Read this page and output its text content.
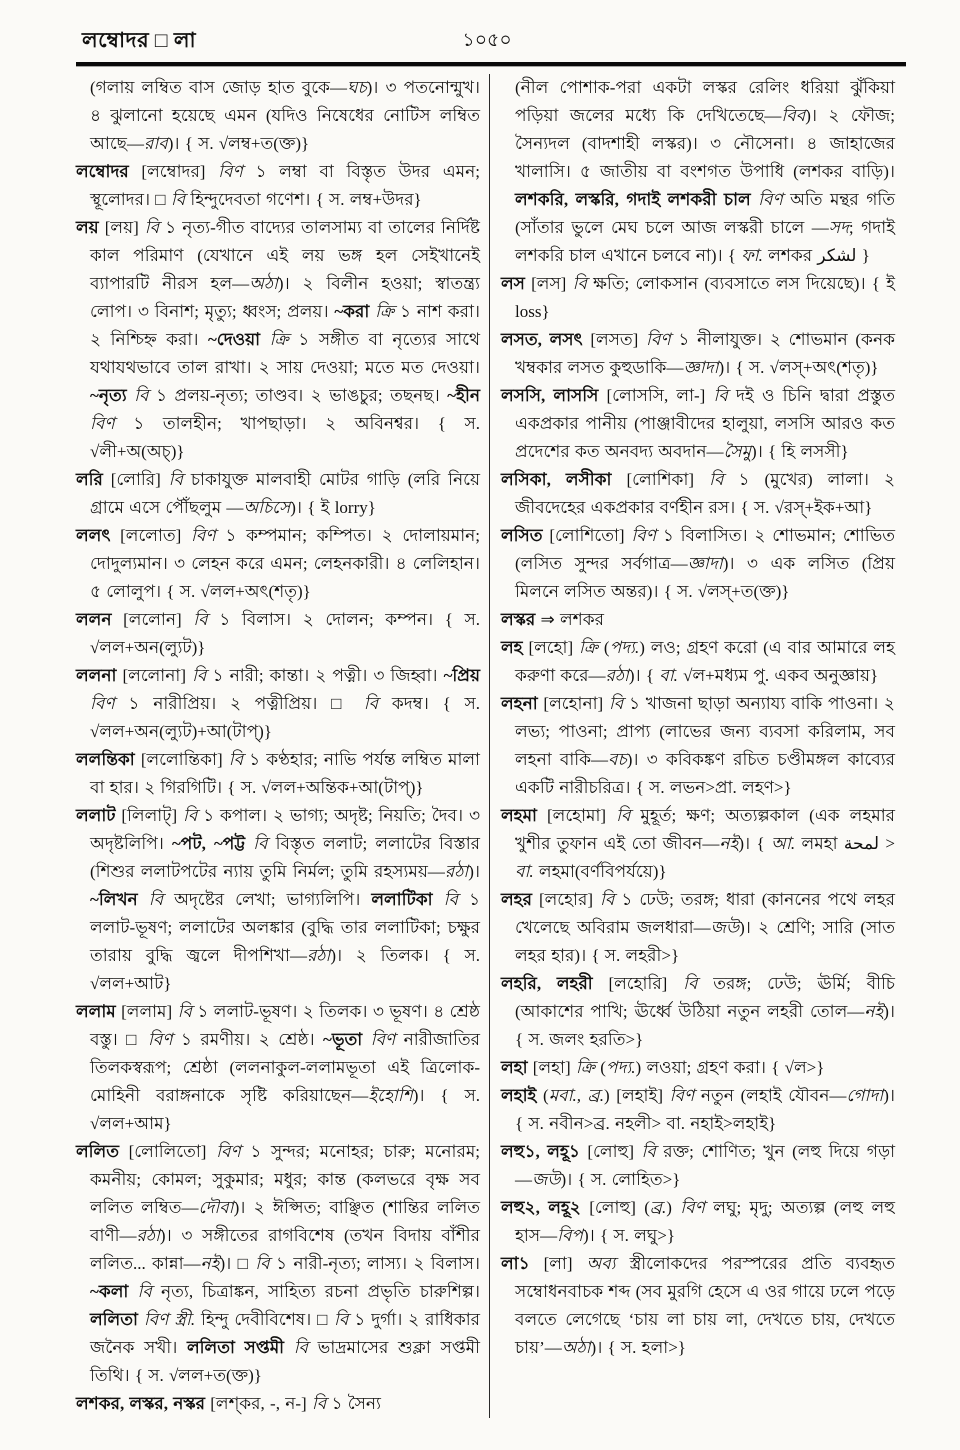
লম্বোদর □ লা	১০৫০

(গলায় লম্বিত বাস জোড় হাত বুকে—ঘচ)। ৩ পতনোন্মুখ। ৪ ঝুলানো হয়েছে এমন (যদিও নিষেধের নোটিস লম্বিত আছে—রাব)। { স. √লম্ব+ত(ক্ত)}

লম্বোদর [লম্বোদর] বিণ ১ লম্বা বা বিস্তৃত উদর এমন; স্থূলোদর। □ বি হিন্দুদেবতা গণেশ। { স. লম্ব+উদর}

লয় [লয়] বি ১ নৃত্য-গীত বাদ্যের তালসাম্য বা তালের নির্দিষ্ট কাল পরিমাণ (যেখানে এই লয় ভঙ্গ হল সেইখানেই ব্যাপারটি নীরস হল—অঠা)। ২ বিলীন হওয়া; স্বাতন্ত্র্য লোপ। ৩ বিনাশ; মৃত্যু; ধ্বংস; প্রলয়। ~করা ক্রি ১ নাশ করা। ২ নিশ্চিহ্ন করা। ~দেওয়া ক্রি ১ সঙ্গীত বা নৃত্যের সাথে যথাযথভাবে তাল রাখা। ২ সায় দেওয়া; মতে মত দেওয়া। ~নৃত্য বি ১ প্রলয়-নৃত্য; তাণ্ডব। ২ ভাঙচুর; তছনছ। ~হীন বিণ ১ তালহীন; খাপছাড়া। ২ অবিনশ্বর। { স. √লী+অ(অচ্)}

লরি [লোরি] বি চাকাযুক্ত মালবাহী মোটর গাড়ি (লরি নিয়ে গ্রামে এসে পৌঁছলুম —অচিসে)। { ই lorry}

ললৎ [ললোত] বিণ ১ কম্পমান; কম্পিত। ২ দোলায়মান; দোদুল্যমান। ৩ লেহন করে এমন; লেহনকারী। ৪ লেলিহান। ৫ লোলুপ। { স. √লল+অৎ(শতৃ)}

ললন [ললোন] বি ১ বিলাস। ২ দোলন; কম্পন। { স. √লল+অন(ল্যুট)}

ললনা [ললোনা] বি ১ নারী; কান্তা। ২ পত্নী। ৩ জিহ্বা। ~প্রিয় বিণ ১ নারীপ্রিয়। ২ পত্নীপ্রিয়। □ বি কদম্ব। { স. √লল+অন(ল্যুট)+আ(টাপ্)}

ললন্তিকা [ললোন্তিকা] বি ১ কণ্ঠহার; নাভি পর্যন্ত লম্বিত মালা বা হার। ২ গিরগিটি। { স. √লল+অন্তিক+আ(টাপ্)}

ললাট [লিলাট্] বি ১ কপাল। ২ ভাগ্য; অদৃষ্ট; নিয়তি; দৈব। ৩ অদৃষ্টলিপি। ~পট, ~পট্ট বি বিস্তৃত ললাট; ললাটের বিস্তার (শিশুর ললাটপটের ন্যায় তুমি নির্মল; তুমি রহস্যময়—রঠা)। ~লিখন বি অদৃষ্টের লেখা; ভাগ্যলিপি। ললাটিকা বি ১ ললাট-ভূষণ; ললাটের অলঙ্কার (বুদ্ধি তার ললাটিকা; চক্ষুর তারায় বুদ্ধি জ্বলে দীপশিখা—রঠা)। ২ তিলক। { স. √লল+আট}

ললাম [ললাম] বি ১ ললাট-ভূষণ। ২ তিলক। ৩ ভূষণ। ৪ শ্রেষ্ঠ বস্তু। □ বিণ ১ রমণীয়। ২ শ্রেষ্ঠ। ~ভূতা বিণ নারীজাতির তিলকস্বরূপ; শ্রেষ্ঠা (ললনাকুল-ললামভূতা এই ত্রিলোক-মোহিনী বরাঙ্গনাকে সৃষ্টি করিয়াছেন—ইহোশি)। { স. √লল+আম}

ললিত [লোলিতো] বিণ ১ সুন্দর; মনোহর; চারু; মনোরম; কমনীয়; কোমল; সুকুমার; মধুর; কান্ত (কলভরে বৃক্ষ সব ললিত লম্বিত—দৌবা)। ২ ঈপ্সিত; বাঞ্ছিত (শান্তির ললিত বাণী—রঠা)। ৩ সঙ্গীতের রাগবিশেষ (তখন বিদায় বাঁশীর ললিত... কান্না—নই)। □ বি ১ নারী-নৃত্য; লাস্য। ২ বিলাস। ~কলা বি নৃত্য, চিত্রাঙ্কন, সাহিত্য রচনা প্রভৃতি চারুশিল্প। ললিতা বিণ স্ত্রী. হিন্দু দেবীবিশেষ। □ বি ১ দুর্গা। ২ রাধিকার জনৈক সখী। ললিতা সপ্তমী বি ভাদ্রমাসের শুক্লা সপ্তমী তিথি। { স. √লল+ত(ক্ত)}

লশকর, লস্কর, নস্কর [লশ্কর, -, ন-] বি ১ সৈন্য

(নীল পোশাক-পরা একটা লস্কর রেলিং ধরিয়া ঝুঁকিয়া পড়িয়া জলের মধ্যে কি দেখিতেছে—বিব)। ২ ফৌজ; সৈন্যদল (বাদশাহী লস্কর)। ৩ নৌসেনা। ৪ জাহাজের খালাসি। ৫ জাতীয় বা বংশগত উপাধি (লশকর বাড়ি)। লশকরি, লস্করি, গদাই লশকরী চাল বিণ অতি মন্থর গতি (সাঁতার ভুলে মেঘ চলে আজ লস্করী চালে —সদ; গদাই লশকরি চাল এখানে চলবে না)। { ফা. লশকর لشكر }

লস [লস] বি ক্ষতি; লোকসান (ব্যবসাতে লস দিয়েছে)। { ই loss}

লসত, লসৎ [লসত] বিণ ১ নীলাযুক্ত। ২ শোভমান (কনক খম্বকার লসত কুহুডাকি—জ্ঞাদা)। { স. √লস্+অৎ(শতৃ)}

লসসি, লাসসি [লোসসি, লা-] বি দই ও চিনি দ্বারা প্রস্তুত একপ্রকার পানীয় (পাঞ্জাবীদের হালুয়া, লসসি আরও কত প্রদেশের কত অনবদ্য অবদান—সৈমু)। { হি লসসী}

লসিকা, লসীকা [লোশিকা] বি ১ (মুখের) লালা। ২ জীবদেহের একপ্রকার বর্ণহীন রস। { স. √রস্+ইক+আ}

লসিত [লোশিতো] বিণ ১ বিলাসিত। ২ শোভমান; শোভিত (লসিত সুন্দর সর্বগাত্র—জ্ঞাদা)। ৩ এক লসিত (প্রিয় মিলনে লসিত অন্তর)। { স. √লস্+ত(ক্ত)}

লস্কর ⇒ লশকর

লহ [লহো] ক্রি (পদ্য.) লও; গ্রহণ করো (এ বার আমারে লহ করুণা করে—রঠা)। { বা. √ল+মধ্যম পু. একব অনুজ্ঞায়}

লহনা [লহোনা] বি ১ খাজনা ছাড়া অন্যায্য বাকি পাওনা। ২ লভ্য; পাওনা; প্রাপ্য (লাভের জন্য ব্যবসা করিলাম, সব লহনা বাকি—বচ)। ৩ কবিকঙ্কণ রচিত চণ্ডীমঙ্গল কাব্যের একটি নারীচরিত্র। { স. লভন>প্রা. লহণ>}

লহমা [লহোমা] বি মুহূর্ত; ক্ষণ; অত্যল্পকাল (এক লহমার খুশীর তুফান এই তো জীবন—নই)। { আ. লমহা لمحة > বা. লহমা(বর্ণবিপর্যয়ে)}

লহর [লহোর] বি ১ ঢেউ; তরঙ্গ; ধারা (কাননের পথে লহর খেলেছে অবিরাম জলধারা—জউ)। ২ শ্রেণি; সারি (সাত লহর হার)। { স. লহরী>}

লহরি, লহরী [লহোরি] বি তরঙ্গ; ঢেউ; ঊর্মি; বীচি (আকাশের পাখি; ঊর্ধ্বে উঠিয়া নতুন লহরী তোল—নই)। { স. জলং হরতি>}

লহা [লহা] ক্রি (পদ্য.) লওয়া; গ্রহণ করা। { √ল>}

লহাই (মবা., ব্র.) [লহাই] বিণ নতুন (লহাই যৌবন—গোদা)। { স. নবীন>ব্র. নহলী> বা. নহাই>লহাই}

লহু১, লহূ১ [লোহু] বি রক্ত; শোণিত; খুন (লহু দিয়ে গড়া —জউ)। { স. লোহিত>}

লহু২, লহূ২ [লোহু] (ব্র.) বিণ লঘু; মৃদু; অত্যল্প (লহু লহু হাস—বিপ)। { স. লঘু>}

লা১ [লা] অব্য স্ত্রীলোকদের পরস্পরের প্রতি ব্যবহৃত সম্বোধনবাচক শব্দ (সব মুরগি হেসে এ ওর গায়ে ঢলে পড়ে বলতে লেগেছে ‘চায় লা চায় লা, দেখতে চায়, দেখতে চায়’—অঠা)। { স. হলা>}
